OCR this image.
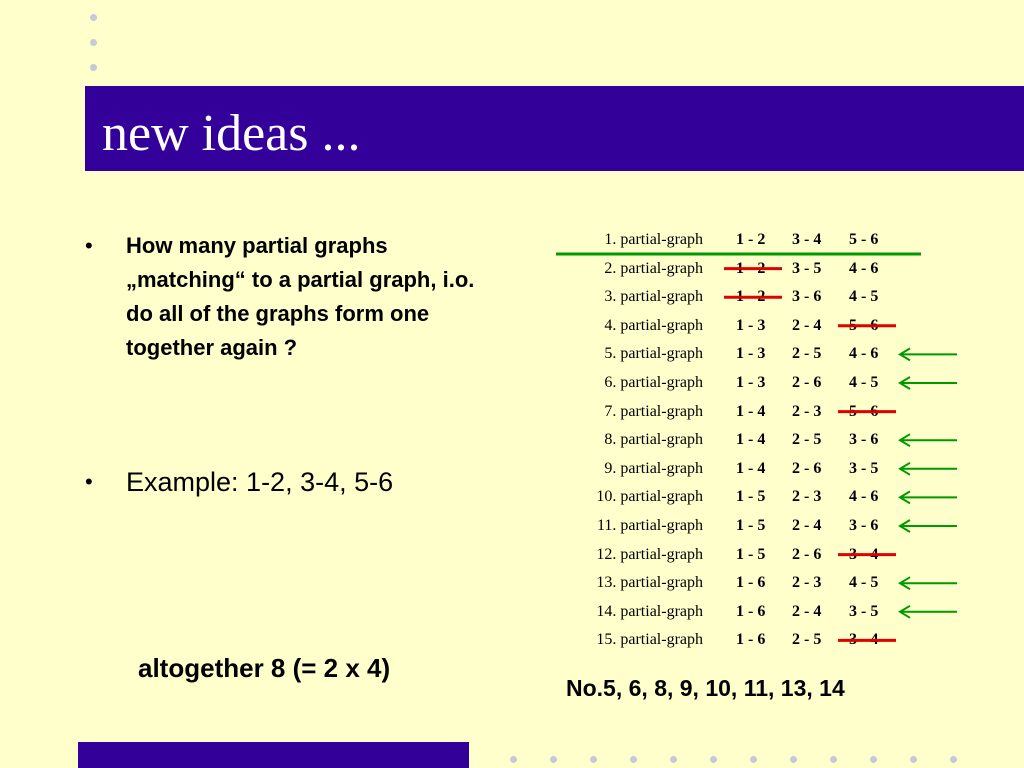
new ideas ...
• How many partial graphs „matching“ to a partial graph, i.o. do all of the graphs form one together again ?
• Example: 1-2, 3-4, 5-6
altogether 8 (= 2 x 4)
No.5, 6, 8, 9, 10, 11, 13, 14
1. partial-graph 1 - 2 3 - 4 5 - 6
2. partial-graph 1 - 2 3 - 5 4 - 6
3. partial-graph 1 - 2 3 - 6 4 - 5
4. partial-graph 1 - 3 2 - 4 5 - 6
5. partial-graph 1 - 3 2 - 5 4 - 6
6. partial-graph 1 - 3 2 - 6 4 - 5
7. partial-graph 1 - 4 2 - 3 5 - 6
8. partial-graph 1 - 4 2 - 5 3 - 6
9. partial-graph 1 - 4 2 - 6 3 - 5
10. partial-graph 1 - 5 2 - 3 4 - 6
11. partial-graph 1 - 5 2 - 4 3 - 6
12. partial-graph 1 - 5 2 - 6 3 - 4
13. partial-graph 1 - 6 2 - 3 4 - 5
14. partial-graph 1 - 6 2 - 4 3 - 5
15. partial-graph 1 - 6 2 - 5 3 - 4
